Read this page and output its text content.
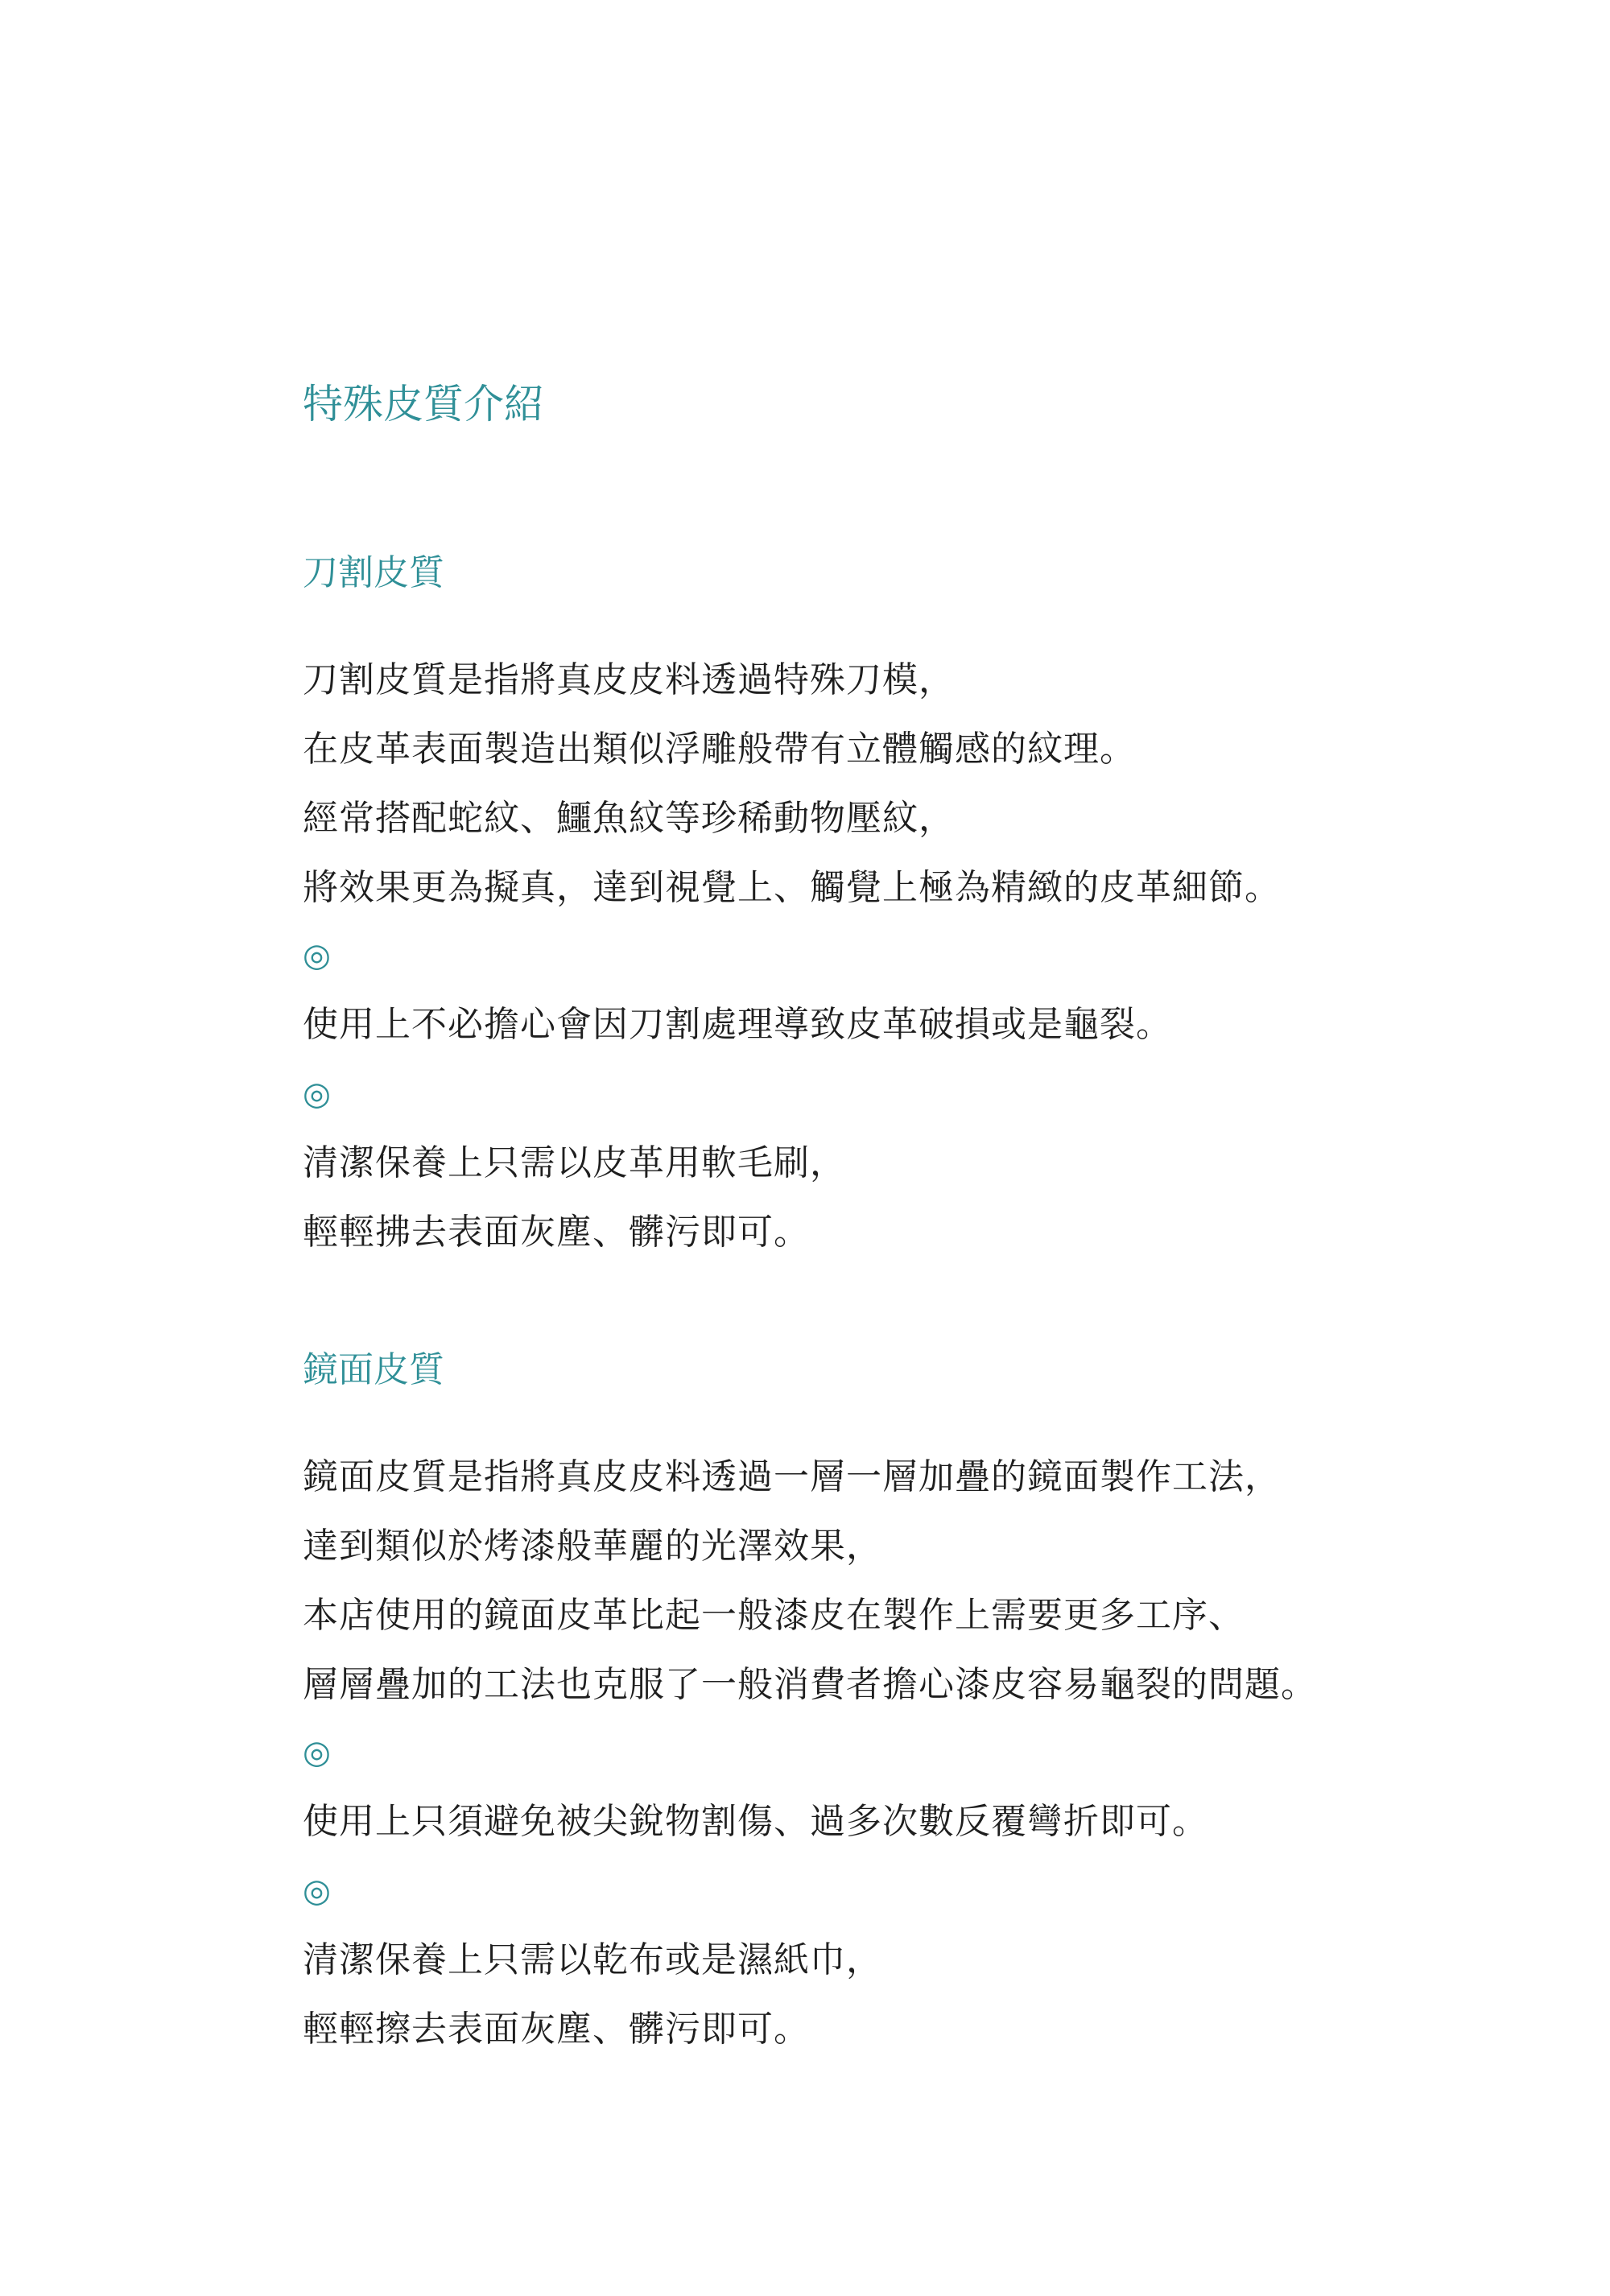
特殊皮質介紹
刀割皮質
刀割皮質是指將真皮皮料透過特殊刀模，
在皮革表面製造出類似浮雕般帶有立體觸感的紋理。
經常搭配蛇紋、鱷魚紋等珍稀動物壓紋，
將效果更為擬真，達到視覺上、觸覺上極為精緻的皮革細節。
◎
使用上不必擔心會因刀割處理導致皮革破損或是龜裂。
◎
清潔保養上只需以皮革用軟毛刷，
輕輕拂去表面灰塵、髒污即可。
鏡面皮質
鏡面皮質是指將真皮皮料透過一層一層加疊的鏡面製作工法，
達到類似於烤漆般華麗的光澤效果，
本店使用的鏡面皮革比起一般漆皮在製作上需要更多工序、
層層疊加的工法也克服了一般消費者擔心漆皮容易龜裂的問題。
◎
使用上只須避免被尖銳物割傷、過多次數反覆彎折即可。
◎
清潔保養上只需以乾布或是濕紙巾，
輕輕擦去表面灰塵、髒污即可。
